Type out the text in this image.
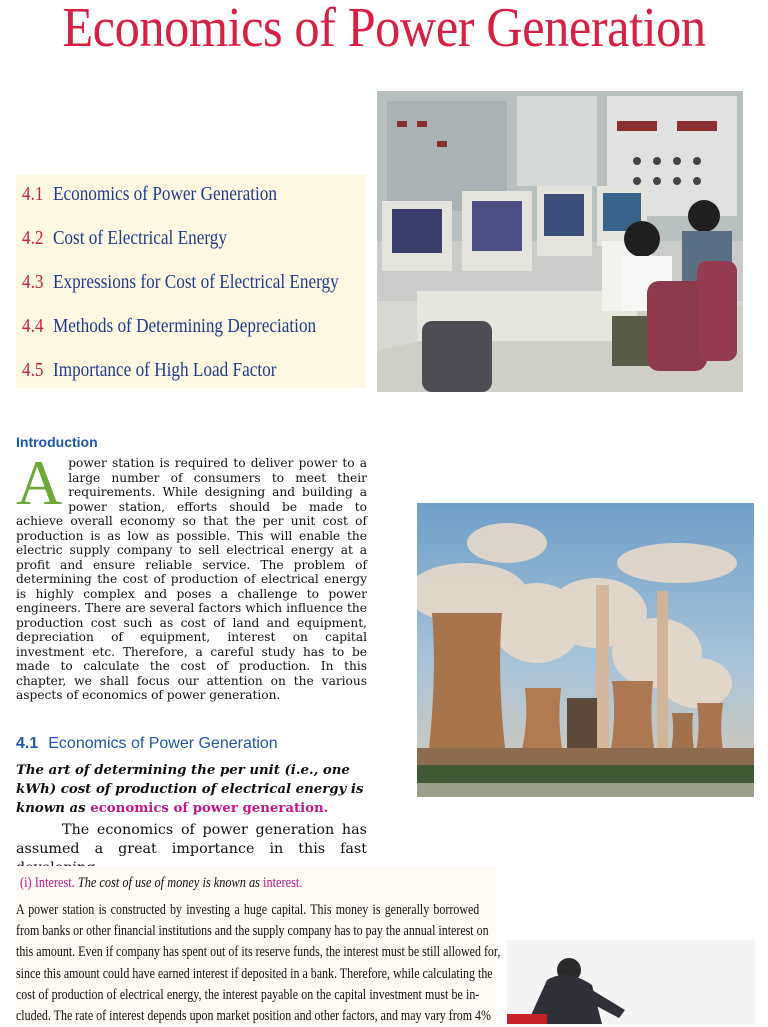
Economics of Power Generation
4.1 Economics of Power Generation
4.2 Cost of Electrical Energy
4.3 Expressions for Cost of Electrical Energy
4.4 Methods of Determining Depreciation
4.5 Importance of High Load Factor
Introduction
A power station is required to deliver power to a large number of consumers to meet their requirements. While designing and building a power station, efforts should be made to achieve overall economy so that the per unit cost of production is as low as possible. This will enable the electric supply company to sell electrical energy at a profit and ensure reliable service. The problem of determining the cost of production of electrical energy is highly complex and poses a challenge to power engineers. There are several factors which influence the production cost such as cost of land and equipment, depreciation of equipment, interest on capital investment etc. Therefore, a careful study has to be made to calculate the cost of production. In this chapter, we shall focus our attention on the various aspects of economics of power generation.
4.1 Economics of Power Generation
The art of determining the per unit (i.e., one kWh) cost of production of electrical energy is known as economics of power generation.
The economics of power generation has assumed a great importance in this fast
(i) Interest. The cost of use of money is known as interest.
A power station is constructed by investing a huge capital. This money is generally borrowed
from banks or other financial institutions and the supply company has to pay the annual interest on
this amount. Even if company has spent out of its reserve funds, the interest must be still allowed for,
since this amount could have earned interest if deposited in a bank. Therefore, while calculating the
cost of production of electrical energy, the interest payable on the capital investment must be in-
cluded. The rate of interest depends upon market position and other factors, and may vary from 4%
